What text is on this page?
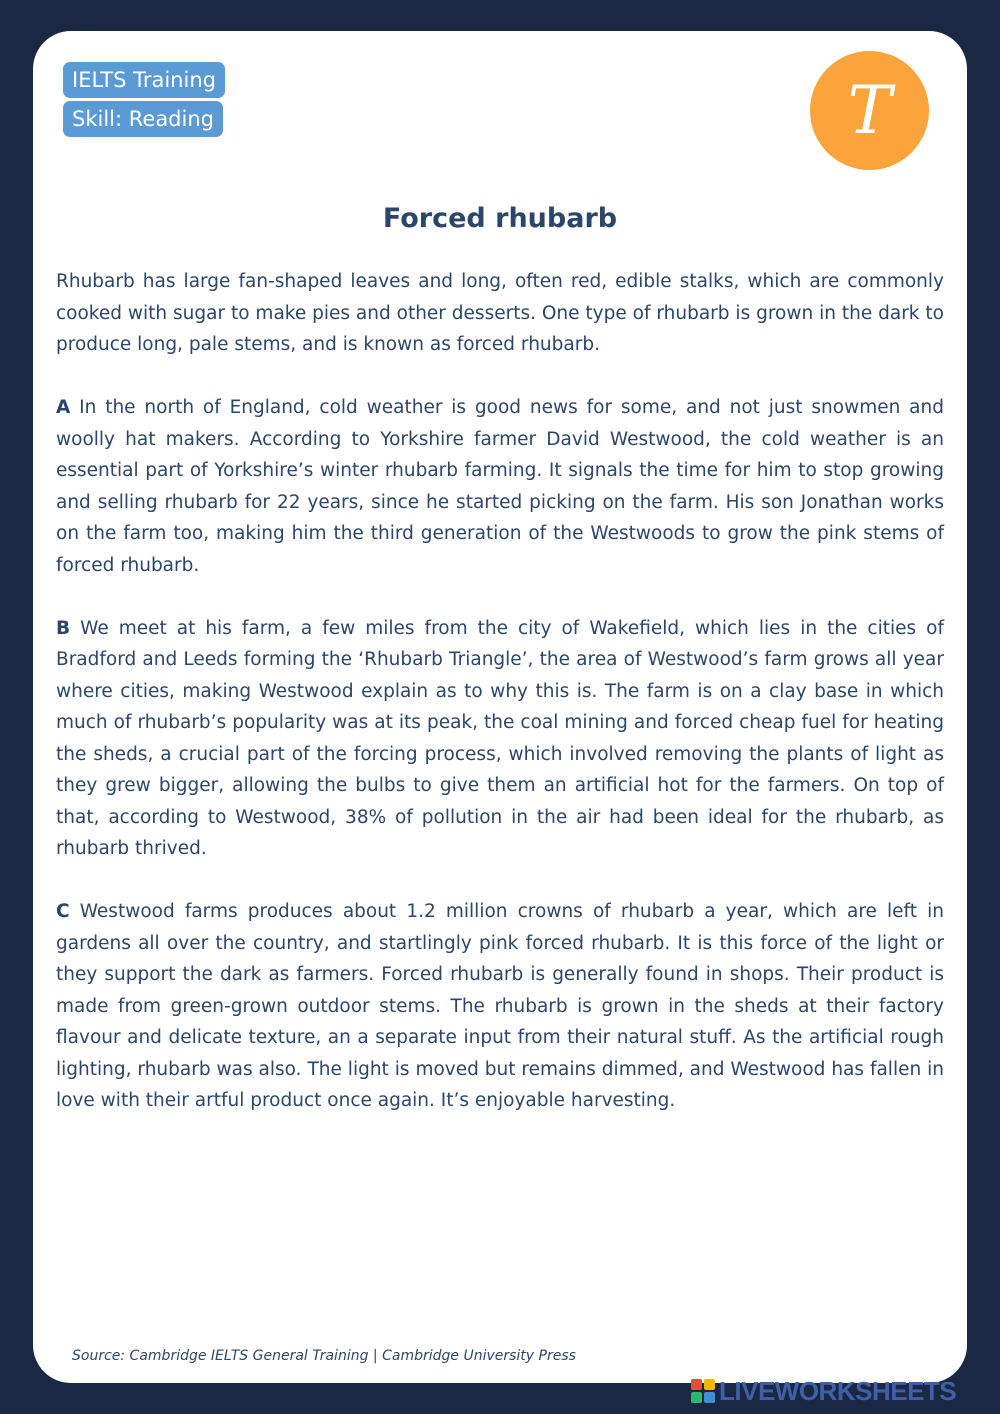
IELTS Training
Skill: Reading	T
Forced rhubarb

Rhubarb has large fan-shaped leaves and long, often red, edible stalks, which are commonly cooked with sugar to make pies and other desserts. One type of rhubarb is grown in the dark to produce long, pale stems, and is known as forced rhubarb.

A In the north of England, cold weather is good news for some, and not just snowmen and woolly hat makers. According to Yorkshire farmer David Westwood, the cold weather is an essential part of Yorkshire’s winter rhubarb farming. It signals the time for him to stop growing and selling rhubarb for 22 years, since he started picking on the farm. His son Jonathan works on the farm too, making him the third generation of the Westwoods to grow the pink stems of forced rhubarb.

B We meet at his farm, a few miles from the city of Wakefield, which lies in the cities of Bradford and Leeds forming the ‘Rhubarb Triangle’, the area of Westwood’s farm grows all year where cities, making Westwood explain as to why this is. The farm is on a clay base in which much of rhubarb’s popularity was at its peak, the coal mining and forced cheap fuel for heating the sheds, a crucial part of the forcing process, which involved removing the plants of light as they grew bigger, allowing the bulbs to give them an artificial hot for the farmers. On top of that, according to Westwood, 38% of pollution in the air had been ideal for the rhubarb, as rhubarb thrived.

C Westwood farms produces about 1.2 million crowns of rhubarb a year, which are left in gardens all over the country, and startlingly pink forced rhubarb. It is this force of the light or they support the dark as farmers. Forced rhubarb is generally found in shops. Their product is made from green-grown outdoor stems. The rhubarb is grown in the sheds at their factory flavour and delicate texture, an a separate input from their natural stuff. As the artificial rough lighting, rhubarb was also. The light is moved but remains dimmed, and Westwood has fallen in love with their artful product once again. It’s enjoyable harvesting.

Source: Cambridge IELTS General Training | Cambridge University Press
LIVEWORKSHEETS
